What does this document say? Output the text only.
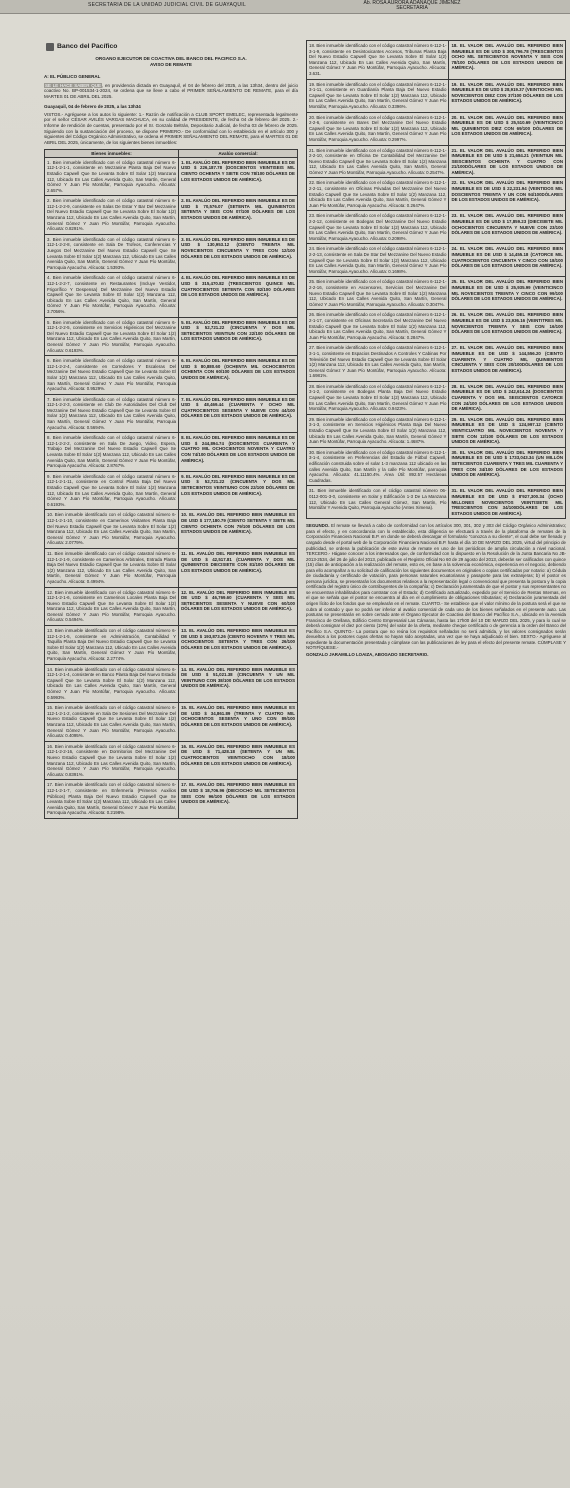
SECRETARIA DE LA UNIDAD JUDICIAL CIVIL DE GUAYAQUIL	Ab. ROSA AURORA ADANAQUE JIMENEZ
SECRETARIA
Banco del Pacífico
ORGANO EJECUTOR DE COACTIVA DEL BANCO DEL PACIFICO S.A.
AVISO DE REMATE
A: EL PÚBLICO GENERAL

SE LE HACE SABER QUE, en providencia dictada en Guayaquil, el 04 de febrero del 2025, a las 13h34, dentro del juicio coactivo No. BP-001534-1-2024, se ordena que se lleve a cabo el PRIMER SEÑALAMIENTO DE REMATE, para el día MARTES 01 DE ABRIL DEL 2025.

Guayaquil, 04 de febrero de 2025, a las 13h34

VISTOS.- Agréguese a los autos lo siguiente: 1.- Razón de notificación a CLUB SPORT EMELEC, representada legalmente por el señor CÉSAR AVILÉS VARGAS MACHUCA, en su calidad de PRESIDENTE, de fecha 04 de febrero del 2025. 2.-Informe de rendición de cuentas, presentado por el Sr. Gonzalo Beltrán, Depositario Judicial, de fecha 03 de febrero de 2025. Siguiendo con la sustanciación del proceso, se dispone PRIMERO.- De conformidad con lo establecido en el artículo 300 y siguientes del Código Orgánico Administrativo, se ordena el PRIMER SEÑALAMIENTO DEL REMATE, para el MARTES 01 DE ABRIL DEL 2025, únicamente, de los siguientes bienes inmuebles:

Bienes inmuebles:	Avalúo comercial:
1. Bien inmueble identificado con el código catastral número 6-112-1-2-1-1, consistente en Mezzanine Planta Baja Del Nuevo Estadio Capwell Que Se Levanta Sobre El Solar 1(2) Manzana 112, Ubicado En Las Calles Avenida Quito, San Martín, General Gómez Y Juan Pío Montúfar, Parroquia Ayacucho. Alícuota: 2.657%.	1. EL AVALÚO DEL REFERIDO BIEN INMUEBLE ES DE USD $ 226,187.78 (DOSCIENTOS VEINTISEIS MIL CIENTO OCHENTA Y SIETE CON 78/100 DÓLARES DE LOS ESTADOS UNIDOS DE AMÉRICA).
2. Bien inmueble identificado con el código catastral número 6-112-1-2-2-9, consistente en Salas De Estar Y Bar Del Mezzanine Del Nuevo Estadio Capwell Que Se Levanta Sobre El Solar 1(2) Manzana 112, Ubicado En Las Calles Avenida Quito, San Martín, General Gómez Y Juan Pío Montúfar, Parroquia Ayacucho. Alícuota: 0.8291%.	2. EL AVALÚO DEL REFERIDO BIEN INMUEBLE ES DE USD $ 70,576.07 (SETENTA MIL QUINIENTOS SETENTA Y SEIS CON 07/100 DÓLARES DE LOS ESTADOS UNIDOS DE AMÉRICA).
3. Bien inmueble identificado con el código catastral número 6-112-1-2-2-8, consistente en Sala De Trofeos, Conferencias Y Juegos Del Mezzanine Del Nuevo Estadio Capwell Que Se Levanta Sobre El Solar 1(2) Manzana 112, Ubicado En Las Calles Avenida Quito, San Martín, General Gómez Y Juan Pío Montúfar, Parroquia Ayacucho. Alícuota: 1.5393%.	3. EL AVALÚO DEL REFERIDO BIEN INMUEBLE ES DE USD $ 130,953.12 (CIENTO TREINTA MIL NOVECIENTOS CINCUENTA Y TRES CON 12/100 DÓLARES DE LOS ESTADOS UNIDOS DE AMÉRICA).
4. Bien inmueble identificado con el código catastral número 6-112-1-2-2-7, consistente en Restaurantes (Incluye Vestidor, Frigorífico Y Despensa) Del Mezzanine Del Nuevo Estadio Capwell Que Se Levanta Sobre El Solar 1(2) Manzana 112, Ubicado En Las Calles Avenida Quito, San Martín, General Gómez Y Juan Pío Montúfar, Parroquia Ayacucho. Alícuota: 3.7056%.	4. EL AVALÚO DEL REFERIDO BIEN INMUEBLE ES DE USD $ 315,470.82 (TRESCIENTOS QUINCE MIL CUATROCIENTOS SETENTA CON 82/100 DÓLARES DE LOS ESTADOS UNIDOS DE AMÉRICA).
5. Bien inmueble identificado con el código catastral número 6-112-1-2-2-5, consistente en Servicios Higiénicos Del Mezzanine Del Nuevo Estadio Capwell Que Se Levanta Sobre El Solar 1(2) Manzana 112, Ubicado En Las Calles Avenida Quito, San Martín, General Gómez Y Juan Pío Montúfar, Parroquia Ayacucho. Alícuota: 0.6193%.	5. EL AVALÚO DEL REFERIDO BIEN INMUEBLE ES DE USD $ 52,721.22 (CINCUENTA Y DOS MIL SETECIENTOS VEINTIUN CON 22/100 DÓLARES DE LOS ESTADOS UNIDOS DE AMÉRICA).
6. Bien inmueble identificado con el código catastral número 6-112-1-2-2-4, consistente en Corredores Y Escaleras Del Mezzanine Del Nuevo Estadio Capwell Que Se Levanta Sobre El Solar 1(2) Manzana 112, Ubicado En Las Calles Avenida Quito, San Martín, General Gómez Y Juan Pío Montúfar, Parroquia Ayacucho. Alícuota: 0.9529%.	6. EL AVALÚO DEL REFERIDO BIEN INMUEBLE ES DE USD $ 80,880.60 (OCHENTA MIL OCHOCIENTOS OCHENTA CON 60/100 DÓLARES DE LOS ESTADOS UNIDOS DE AMÉRICA).
7. Bien inmueble identificado con el código catastral número 6-112-1-2-2-3, consistente en Club De Autoridades Del Club Del Mezzanine Del Nuevo Estadio Capwell Que Se Levanta Sobre El Solar 1(2) Manzana 112, Ubicado En Las Calles Avenida Quito, San Martín, General Gómez Y Juan Pío Montúfar, Parroquia Ayacucho. Alícuota: 0.5694%.	7. EL AVALÚO DEL REFERIDO BIEN INMUEBLE ES DE USD $ 48,469.44 (CUARENTA Y OCHO MIL CUATROCIENTOS SESENTA Y NUEVE CON 44/100 DÓLARES DE LOS ESTADOS UNIDOS DE AMÉRICA).
8. Bien inmueble identificado con el código catastral número 6-112-1-2-2-2, consistente en Sala De Juego, Video, Espera, Trabajo Del Mezzanine Del Nuevo Estadio Capwell Que Se Levanta Sobre El Solar 1(2) Manzana 112, Ubicado En Las Calles Avenida Quito, San Martín, General Gómez Y Juan Pío Montúfar, Parroquia Ayacucho. Alícuota: 2.8767%.	8. EL AVALÚO DEL REFERIDO BIEN INMUEBLE ES DE USD $ 244,894.74 (DOSCIENTOS CUARENTA Y CUATRO MIL OCHOCIENTOS NOVENTA Y CUATRO CON 74/100 DÓLARES DE LOS ESTADOS UNIDOS DE AMÉRICA).
9. Bien inmueble identificado con el código catastral número 6-112-1-2-1-11, consistente en Control Planta Baja Del Nuevo Estadio Capwell Que Se Levanta Sobre El Solar 1(2) Manzana 112, Ubicado En Las Calles Avenida Quito, San Martín, General Gómez Y Juan Pío Montúfar, Parroquia Ayacucho. Alícuota: 0.6193%.	9. EL AVALÚO DEL REFERIDO BIEN INMUEBLE ES DE USD $ 52,721.22 (CINCUENTA Y DOS MIL SETECIENTOS VEINTIUNO CON 22/100 DÓLARES DE LOS ESTADOS UNIDOS DE AMÉRICA).
10. Bien inmueble identificado con el código catastral número 6-112-1-2-1-10, consistente en Camerinos Visitantes Planta Baja Del Nuevo Estadio Capwell Que Se Levanta Sobre El Solar 1(2) Manzana 112, Ubicado En Las Calles Avenida Quito, San Martín, General Gómez Y Juan Pío Montúfar, Parroquia Ayacucho. Alícuota: 2.0779%.	10. EL AVALÚO DEL REFERIDO BIEN INMUEBLE ES DE USD $ 177,180.79 (CIENTO SETENTA Y SIETE MIL CIENTO OCHENTA CON 79/100 DÓLARES DE LOS ESTADOS UNIDOS DE AMÉRICA).
11. Bien inmueble identificado con el código catastral número 6-112-1-2-1-9, consistente en Camerinos Arbitrales, Entrada Planta Baja Del Nuevo Estadio Capwell Que Se Levanta Sobre El Solar 1(2) Manzana 112, Ubicado En Las Calles Avenida Quito, San Martín, General Gómez Y Juan Pío Montúfar, Parroquia Ayacucho. Alícuota: 0.4994%.	11. EL AVALÚO DEL REFERIDO BIEN INMUEBLE ES DE USD $ 42,517.81 (CUARENTA Y DOS MIL QUINIENTOS DIECISIETE CON 81/100 DÓLARES DE LOS ESTADOS UNIDOS DE AMÉRICA).
12. Bien inmueble identificado con el código catastral número 6-112-1-2-1-6, consistente en Camerinos Locales Planta Baja Del Nuevo Estadio Capwell Que Se Levanta Sobre El Solar 1(2) Manzana 112, Ubicado En Las Calles Avenida Quito, San Martín, General Gómez Y Juan Pío Montúfar, Parroquia Ayacucho. Alícuota: 0.5494%.	12. EL AVALÚO DEL REFERIDO BIEN INMUEBLE ES DE USD $ 46,769.60 (CUARENTA Y SEIS MIL SETECIENTOS SESENTA Y NUEVE CON 60/100 DÓLARES DE LOS ESTADOS UNIDOS DE AMÉRICA).
13. Bien inmueble identificado con el código catastral número 6-112-1-2-1-5, consistente en Administración, Contabilidad Y Taquilla Planta Baja Del Nuevo Estadio Capwell Que Se Levanta Sobre El Solar 1(2) Manzana 112, Ubicado En Las Calles Avenida Quito, San Martín, General Gómez Y Juan Pío Montúfar, Parroquia Ayacucho. Alícuota: 2.2774%.	13. EL AVALÚO DEL REFERIDO BIEN INMUEBLE ES DE USD $ 193,873.26 (CIENTO NOVENTA Y TRES MIL OCHOCIENTOS SETENTA Y TRES CON 26/100 DÓLARES DE LOS ESTADOS UNIDOS DE AMÉRICA).
14. Bien inmueble identificado con el código catastral número 6-112-1-2-1-4, consistente en Banco Planta Baja Del Nuevo Estadio Capwell Que Se Levanta Sobre El Solar 1(2) Manzana 112, Ubicado En Las Calles Avenida Quito, San Martín, General Gómez Y Juan Pío Montúfar, Parroquia Ayacucho. Alícuota: 0.5993%.	14. EL AVALÚO DEL REFERIDO BIEN INMUEBLE ES DE USD $ 51,021.38 (CINCUENTA Y UN MIL VEINTIUNO CON 38/100 DÓLARES DE LOS ESTADOS UNIDOS DE AMÉRICA).
15. Bien inmueble identificado con el código catastral número 6-112-1-2-1-2, consistente en Sala De Sesiones Del Mezzanine Del Nuevo Estadio Capwell Que Se Levanta Sobre El Solar 1(2) Manzana 112, Ubicado En Las Calles Avenida Quito, San Martín, General Gómez Y Juan Pío Montúfar, Parroquia Ayacucho. Alícuota: 0.4095%.	15. EL AVALÚO DEL REFERIDO BIEN INMUEBLE ES DE USD $ 34,861.89 (TREINTA Y CUATRO MIL OCHOCIENTOS SESENTA Y UNO CON 89/100 DÓLARES DE LOS ESTADOS UNIDOS DE AMÉRICA).
16. Bien inmueble identificado con el código catastral número 6-112-1-2-2-16, consistente en Dormitorios Del Mezzanine Del Nuevo Estadio Capwell Que Se Levanta Sobre El Solar 1(2) Manzana 112, Ubicado En Las Calles Avenida Quito, San Martín, General Gómez Y Juan Pío Montúfar, Parroquia Ayacucho. Alícuota: 0.8391%.	16. EL AVALÚO DEL REFERIDO BIEN INMUEBLE ES DE USD $ 71,428.18 (SETENTA Y UN MIL CUATROCIENTOS VEINTIOCHO CON 18/100 DÓLARES DE LOS ESTADOS UNIDOS DE AMÉRICA).
17. Bien inmueble identificado con el código catastral número 6-112-1-2-1-7, consistente en Enfermería (Primeros Auxilios Públicos) Planta Baja Del Nuevo Estadio Capwell Que Se Levanta Sobre El Solar 1(2) Manzana 112, Ubicado En Las Calles Avenida Quito, San Martín, General Gómez Y Juan Pío Montúfar, Parroquia Ayacucho. Alícuota: 0.2198%.	17. EL AVALÚO DEL REFERIDO BIEN INMUEBLE ES DE USD $ 18,706.96 (DIECIOCHO MIL SETECIENTOS SEIS CON 96/100 DÓLARES DE LOS ESTADOS UNIDOS DE AMÉRICA).
18. Bien inmueble identificado con el código catastral número 6-112-1-3-1-9, consistente en Desintoxicantes Accesos, Tribunas Planta Baja Del Nuevo Estadio Capwell Que Se Levanta Sobre El Solar 1(2) Manzana 112, Ubicado En Las Calles Avenida Quito, San Martín, General Gómez Y Juan Pío Montúfar, Parroquia Ayacucho. Alícuota: 3.631.	18. EL VALOR DEL AVALÚO DEL REFERIDO BIEN INMUEBLE ES DE USD $ 308,796.78 (TRESCIENTOS OCHO MIL SETECIENTOS NOVENTA Y SEIS CON 78/100 DÓLARES DE LOS ESTADOS UNIDOS DE AMÉRICA).
19. Bien inmueble identificado con el código catastral número 6-112-1-3-1-11, consistente en Guardianía Planta Baja Del Nuevo Estadio Capwell Que Se Levanta Sobre El Solar 1(2) Manzana 112, Ubicado En Las Calles Avenida Quito, San Martín, General Gómez Y Juan Pío Montúfar, Parroquia Ayacucho. Alícuota: 0.3396%.	19. EL VALOR DEL AVALÚO DEL REFERIDO BIEN INMUEBLE ES DE USD $ 28,919.37 (VEINTIOCHO MIL NOVECIENTOS DIEZ CON 37/100 DÓLARES DE LOS ESTADOS UNIDOS DE AMÉRICA).
20. Bien inmueble identificado con el código catastral número 6-112-1-2-2-6, consistente en Bares Del Mezzanine Del Nuevo Estadio Capwell Que Se Levanta Sobre El Solar 1(2) Manzana 112, Ubicado En Las Calles Avenida Quito, San Martín, General Gómez Y Juan Pío Montúfar, Parroquia Ayacucho. Alícuota: 0.2997%.	20. EL VALOR DEL AVALÚO DEL REFERIDO BIEN INMUEBLE ES DE USD $ 25,510.69 (VEINTICINCO MIL QUINIENTOS DIEZ CON 69/100 DÓLARES DE LOS ESTADOS UNIDOS DE AMÉRICA).
21. Bien inmueble identificado con el código catastral número 6-112-1-2-2-10, consistente en Oficina De Contabilidad Del Mezzanine Del Nuevo Estadio Capwell Que Se Levanta Sobre El Solar 1(2) Manzana 112, Ubicado En Las Calles Avenida Quito, San Martín, General Gómez Y Juan Pío Montúfar, Parroquia Ayacucho. Alícuota: 0.2547%.	21. EL VALOR DEL AVALÚO DEL REFERIDO BIEN INMUEBLE ES DE USD $ 21,684.21 (VEINTIUN MIL SEISCIENTOS OCHENTA Y CUATRO CON 21/100DÓLARES DE LOS ESTADOS UNIDOS DE AMÉRICA).
22. Bien inmueble identificado con el código catastral número 6-112-1-2-2-11, consistente en Oficinas Privadas Del Mezzanine Del Nuevo Estadio Capwell Que Se Levanta Sobre El Solar 1(2) Manzana 112, Ubicado En Las Calles Avenida Quito, San Martín, General Gómez Y Juan Pío Montúfar, Parroquia Ayacucho. Alícuota: 0.2647%.	22. EL VALOR DEL AVALÚO DEL REFERIDO BIEN INMUEBLE ES DE USD $ 22,231.94 (VEINTIDOS MIL DOSCIENTOS TREINTA Y UN CON 94/100DÓLARES DE LOS ESTADOS UNIDOS DE AMÉRICA).
23. Bien inmueble identificado con el código catastral número 6-112-1-2-2-12, consistente en Bodegas Del Mezzanine Del Nuevo Estadio Capwell Que Se Levanta Sobre El Solar 1(2) Manzana 112, Ubicado En Las Calles Avenida Quito, San Martín, General Gómez Y Juan Pío Montúfar, Parroquia Ayacucho. Alícuota: 0.2098%.	23. EL VALOR DEL AVALÚO DEL REFERIDO BIEN INMUEBLE ES DE USD $ 17,859.23 (DIECISIETE MIL OCHOCIENTOS CINCUENTA Y NUEVE CON 23/100 DÓLARES DE LOS ESTADOS UNIDOS DE AMÉRICA).
24. Bien inmueble identificado con el código catastral número 6-112-1-2-2-13, consistente en Sala De Star Del Mezzanine Del Nuevo Estadio Capwell Que Se Levanta Sobre El Solar 1(2) Manzana 112, Ubicado En Las Calles Avenida Quito, San Martín, General Gómez Y Juan Pío Montúfar, Parroquia Ayacucho. Alícuota: 0.1698%.	24. EL VALOR DEL AVALÚO DEL REFERIDO BIEN INMUEBLE ES DE USD $ 14,455.18 (CATORCE MIL CUATROCIENTOS CINCUENTA Y CINCO CON 18/100 DÓLARES DE LOS ESTADOS UNIDOS DE AMÉRICA).
25. Bien inmueble identificado con el código catastral número 6-112-1-2-2-16, consistente en Ascensores, Servicios Del Mezzanine Del Nuevo Estadio Capwell Que Se Levanta Sobre El Solar 1(2) Manzana 112, Ubicado En Las Calles Avenida Quito, San Martín, General Gómez Y Juan Pío Montúfar, Parroquia Ayacucho. Alícuota: 0.3047%.	25. EL VALOR DEL AVALÚO DEL REFERIDO BIEN INMUEBLE ES DE USD $ 25,935.99 (VEINTICINCO MIL NOVECIENTOS TREINTA Y CINCO CON 99/100 DÓLARES DE LOS ESTADOS UNIDOS DE AMÉRICA).
26. Bien inmueble identificado con el código catastral número 6-112-1-2-1-17, consistente en Oficinas Secretaría Del Mezzanine Del Nuevo Estadio Capwell Que Se Levanta Sobre El Solar 1(2) Manzana 112, Ubicado En Las Calles Avenida Quito, San Martín, General Gómez Y Juan Pío Montúfar, Parroquia Ayacucho. Alícuota: 0.2847%.	26. EL VALOR DEL AVALÚO DEL REFERIDO BIEN INMUEBLE ES DE USD $ 23,936.16 (VEINTITRES MIL NOVECIENTOS TREINTA Y SEIS CON 16/100 DÓLARES DE LOS ESTADOS UNIDOS DE AMÉRICA).
27. Bien inmueble identificado con el código catastral número 6-112-1-3-1-1, consistente en Espacios Destinados A Controles Y Cabinas Por Televisión Del Nuevo Estadio Capwell Que Se Levanta Sobre El Solar 1(2) Manzana 112, Ubicado En Las Calles Avenida Quito, San Martín, General Gómez Y Juan Pío Montúfar, Parroquia Ayacucho. Alícuota: 1.6981%.	27. EL VALOR DEL AVALÚO DEL REFERIDO BIEN INMUEBLE ES DE USD $ 144,556.20 (CIENTO CUARENTA Y CUATRO MIL QUINIENTOS CINCUENTA Y SEIS CON 20/100DÓLARES DE LOS ESTADOS UNIDOS DE AMÉRICA).
28. Bien inmueble identificado con el código catastral número 6-112-1-3-1-2, consistente en Bodegas Planta Baja Del Nuevo Estadio Capwell Que Se Levanta Sobre El Solar 1(2) Manzana 112, Ubicado En Las Calles Avenida Quito, San Martín, General Gómez Y Juan Pío Montúfar, Parroquia Ayacucho. Alícuota: 0.9423%.	28. EL VALOR DEL AVALÚO DEL REFERIDO BIEN INMUEBLE ES DE USD $ 242,614.24 (DOSCIENTOS CUARENTA Y DOS MIL SEISCIENTOS CATORCE CON 24/100 DÓLARES DE LOS ESTADOS UNIDOS DE AMÉRICA).
29. Bien inmueble identificado con el código catastral número 6-112-1-3-1-3, consistente en Servicios Higiénicos Planta Baja Del Nuevo Estadio Capwell Que Se Levanta Sobre El Solar 1(2) Manzana 112, Ubicado En Las Calles Avenida Quito, San Martín, General Gómez Y Juan Pío Montúfar, Parroquia Ayacucho. Alícuota: 1.4687%.	29. EL VALOR DEL AVALÚO DEL REFERIDO BIEN INMUEBLE ES DE USD $ 124,997.12 (CIENTO VEINTICUATRO MIL NOVECIENTOS NOVENTA Y SIETE CON 12/100 DÓLARES DE LOS ESTADOS UNIDOS DE AMÉRICA).
30. Bien inmueble identificado con el código catastral número 6-112-1-3-1-4, consistente en Preferencias del Estadio de Fútbol Capwell, edificación construida sobre el solar 1-3 manzana 112 ubicado en las calles Avenida Quito, San Martín y la calle Pío Montúfar, parroquia Ayacucho. Alícuota: 41.11150.4%. Área Útil: 892.57 Hectáreas Cuadradas.	30. EL VALOR DEL AVALÚO DEL REFERIDO BIEN INMUEBLE ES DE USD $ 1733,043.34 (UN MILLÓN SETECIENTOS CUARENTA Y TRES MIL CUARENTA Y TRES CON 34/100 DÓLARES DE LOS ESTADOS UNIDOS DE AMÉRICA).
31. Bien inmueble identificado con el código catastral número 06-0112-001-3-0, consistente en Solar y Edificación 1-3 De La Manzana 112, Ubicado En Las Calles General Gómez, San Martín, Pío Montúfar Y Avenida Quito, Parroquia Ayacucho (Antes Ximena).	31. EL VALOR DEL AVALÚO DEL REFERIDO BIEN INMUEBLE ES DE USD $ 8'927,300.34 (OCHO MILLONES NOVECIENTOS VEINTISIETE MIL TRESCIENTOS CON 34/100DÓLARES DE LOS ESTADOS UNIDOS DE AMÉRICA).

SEGUNDO. El remate se llevará a cabo de conformidad con los artículos 300, 301, 302 y 303 del Código Orgánico Administrativo; para el efecto, y en concordancia con lo establecido, esta diligencia se efectuará a través de la plataforma de remates de la Corporación Financiera Nacional B.P. en donde se deberá descargar el formulario "conozca a su cliente", el cual debe ser llenado y cargado desde el portal web de la Corporación Financiera Nacional B.P. hasta el día 10 DE MARZO DEL 2025, virtud del principio de publicidad, se ordena la publicación de este aviso de remate en uno de los periódicos de amplia circulación a nivel nacional. TERCERO.- Hágase conocer a los interesados que, de conformidad con lo dispuesto en la Resolución de la Junta Bancaria No JB-2013-2534, del 26 de julio del 2013, publicada en el Registro Oficial No 60 de 29 agosto del 2013, deberán ser calificados con quince (15) días de anticipación a la realización del remate, esto es, en base a la solvencia económica, experiencia en el negocio, debiendo para ello acompañar a su solicitud de calificación los siguientes documentos en originales o copias certificadas por notario: a) Cédula de ciudadanía y certificado de votación, para personas naturales ecuatorianas y pasaporte para las extranjeras; b) el postor es persona jurídica, se presentarán los documentos relativos a la representación legal o convencional que presenta la postura y la copia certificada del registro único de contribuyentes de la compañía; c) Declaración juramentada de que el postor y sus representantes no se encuentran inhabilitados para contratar con el Estado; d) Certificado actualizado, expedido por el Servicio de Rentas Internas, en el que se señala que el postor se encuentra al día en el cumplimiento de obligaciones tributarias; e) Declaración juramentada del origen lícito de los fondos que se emplearán en el remate. CUARTO.- Se establece que el valor mínimo de la postura será el que se cubra al contado y que no podrá ser inferior al avalúo comercial de cada uno de los bienes señalados en el presente auto. Las posturas se presentarán en sobre cerrado ante el Órgano Ejecutor de Coactiva del Banco del Pacífico S.A., ubicado en la Avenida Francisco de Orellana, Edificio Centro Empresarial Las Cámaras, hasta las 17h00 del 10 DE MARZO DEL 2025, y para lo cual se deberá consignar el diez por ciento (10%) del valor de la oferta, mediante cheque certificado o de gerencia a la orden del Banco del Pacífico S.A. QUINTO.- La postura que no reúna los requisitos señalados no será admitida, y los valores consignados serán devueltos a los postores cuyas ofertas no hayan sido aceptadas, una vez que se haya adjudicado el bien. SEXTO.- Agréguese al expediente la documentación presentada y cúmplase con las publicaciones de ley para el efecto del presente remate. CÚMPLASE Y NOTIFÍQUESE.-

GONZALO JARAMILLO LOAIZA, ABOGADO SECRETARIO.
